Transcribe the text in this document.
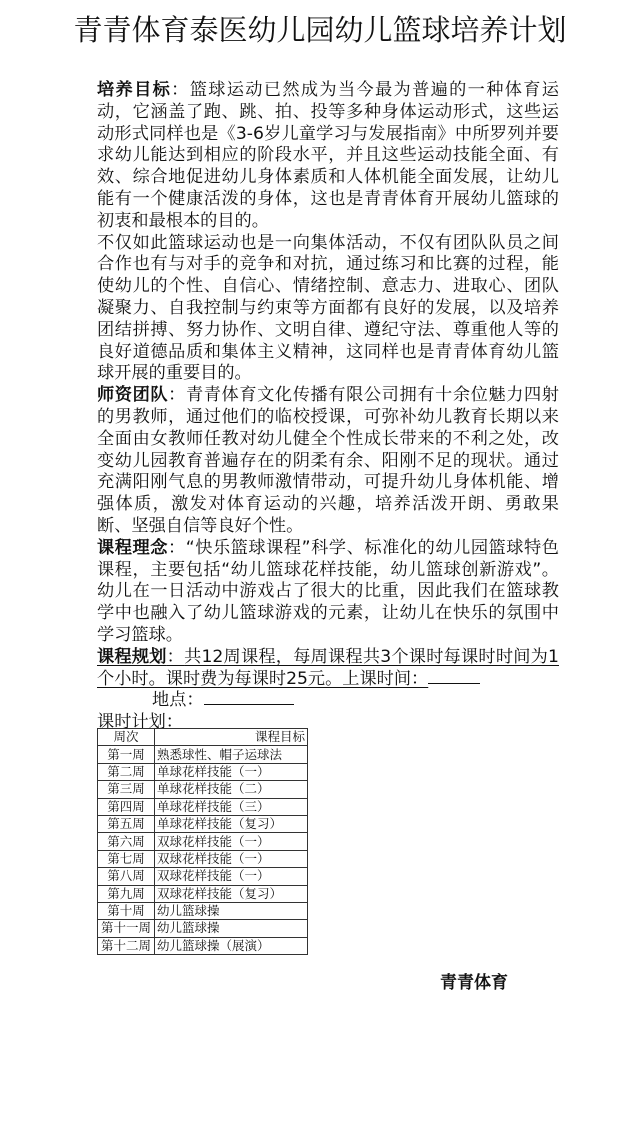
青青体育泰医幼儿园幼儿篮球培养计划

培养目标：篮球运动已然成为当今最为普遍的一种体育运动，它涵盖了跑、跳、拍、投等多种身体运动形式，这些运动形式同样也是《3-6岁儿童学习与发展指南》中所罗列并要求幼儿能达到相应的阶段水平，并且这些运动技能全面、有效、综合地促进幼儿身体素质和人体机能全面发展，让幼儿能有一个健康活泼的身体，这也是青青体育开展幼儿篮球的初衷和最根本的目的。

不仅如此篮球运动也是一向集体活动，不仅有团队队员之间合作也有与对手的竞争和对抗，通过练习和比赛的过程，能使幼儿的个性、自信心、情绪控制、意志力、进取心、团队凝聚力、自我控制与约束等方面都有良好的发展，以及培养团结拼搏、努力协作、文明自律、遵纪守法、尊重他人等的良好道德品质和集体主义精神，这同样也是青青体育幼儿篮球开展的重要目的。

师资团队：青青体育文化传播有限公司拥有十余位魅力四射的男教师，通过他们的临校授课，可弥补幼儿教育长期以来全面由女教师任教对幼儿健全个性成长带来的不利之处，改变幼儿园教育普遍存在的阴柔有余、阳刚不足的现状。通过充满阳刚气息的男教师激情带动，可提升幼儿身体机能、增强体质，激发对体育运动的兴趣，培养活泼开朗、勇敢果断、坚强自信等良好个性。

课程理念：“快乐篮球课程”科学、标准化的幼儿园篮球特色课程，主要包括“幼儿篮球花样技能，幼儿篮球创新游戏”。幼儿在一日活动中游戏占了很大的比重，因此我们在篮球教学中也融入了幼儿篮球游戏的元素，让幼儿在快乐的氛围中学习篮球。

课程规划：共12周课程，每周课程共3个课时每课时时间为1个小时。课时费为每课时25元。上课时间：

地点：

课时计划：

周次	课程目标
第一周	熟悉球性、帽子运球法
第二周	单球花样技能（一）
第三周	单球花样技能（二）
第四周	单球花样技能（三）
第五周	单球花样技能（复习）
第六周	双球花样技能（一）
第七周	双球花样技能（一）
第八周	双球花样技能（一）
第九周	双球花样技能（复习）
第十周	幼儿篮球操
第十一周	幼儿篮球操
第十二周	幼儿篮球操（展演）
青青体育
